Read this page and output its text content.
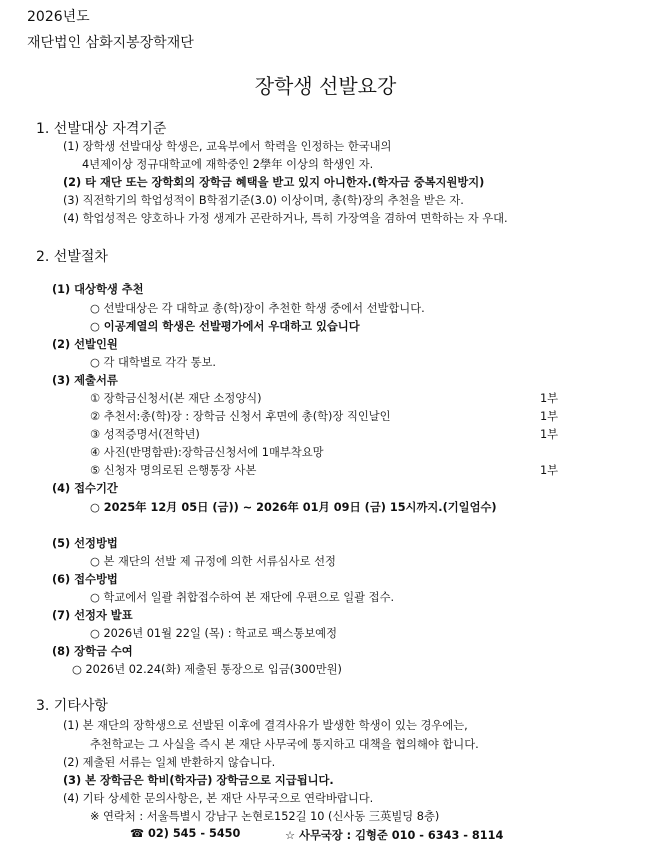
2026년도
재단법인 삼화지봉장학재단
장학생 선발요강
1. 선발대상 자격기준
(1) 장학생 선발대상 학생은, 교육부에서 학력을 인정하는 한국내의
4년제이상 정규대학교에 재학중인 2學年 이상의 학생인 자.
(2) 타 재단 또는 장학회의 장학금 혜택을 받고 있지 아니한자.(학자금 중복지원방지)
(3) 직전학기의 학업성적이 B학점기준(3.0) 이상이며, 총(학)장의 추천을 받은 자.
(4) 학업성적은 양호하나 가정 생계가 곤란하거나, 특히 가장역을 겸하여 면학하는 자 우대.
2. 선발절차
(1) 대상학생 추천
○ 선발대상은 각 대학교 총(학)장이 추천한 학생 중에서 선발합니다.
○ 이공계열의 학생은 선발평가에서 우대하고 있습니다
(2) 선발인원
○ 각 대학별로 각각 통보.
(3) 제출서류
① 장학금신청서(본 재단 소정양식)	1부
② 추천서:총(학)장 : 장학금 신청서 후면에 총(학)장 직인날인	1부
③ 성적증명서(전학년)	1부
④ 사진(반명함판):장학금신청서에 1매부착요망
⑤ 신청자 명의로된 은행통장 사본	1부
(4) 접수기간
○ 2025年 12月 05日 (금)) ~ 2026年 01月 09日 (금) 15시까지.(기일엄수)
(5) 선정방법
○ 본 재단의 선발 제 규정에 의한 서류심사로 선정
(6) 접수방법
○ 학교에서 일괄 취합접수하여 본 재단에 우편으로 일괄 접수.
(7) 선정자 발표
○ 2026년 01월 22일 (목) : 학교로 팩스통보예정
(8) 장학금 수여
○ 2026년 02.24(화) 제출된 통장으로 입금(300만원)
3. 기타사항
(1) 본 재단의 장학생으로 선발된 이후에 결격사유가 발생한 학생이 있는 경우에는,
추천학교는 그 사실을 즉시 본 재단 사무국에 통지하고 대책을 협의해야 합니다.
(2) 제출된 서류는 일체 반환하지 않습니다.
(3) 본 장학금은 학비(학자금) 장학금으로 지급됩니다.
(4) 기타 상세한 문의사항은, 본 재단 사무국으로 연락바랍니다.
※ 연락처 : 서울특별시 강남구 논현로152길 10 (신사동 三英빌딩 8층)
☎ 02) 545 - 5450	☆ 사무국장 : 김형준 010 - 6343 - 8114
